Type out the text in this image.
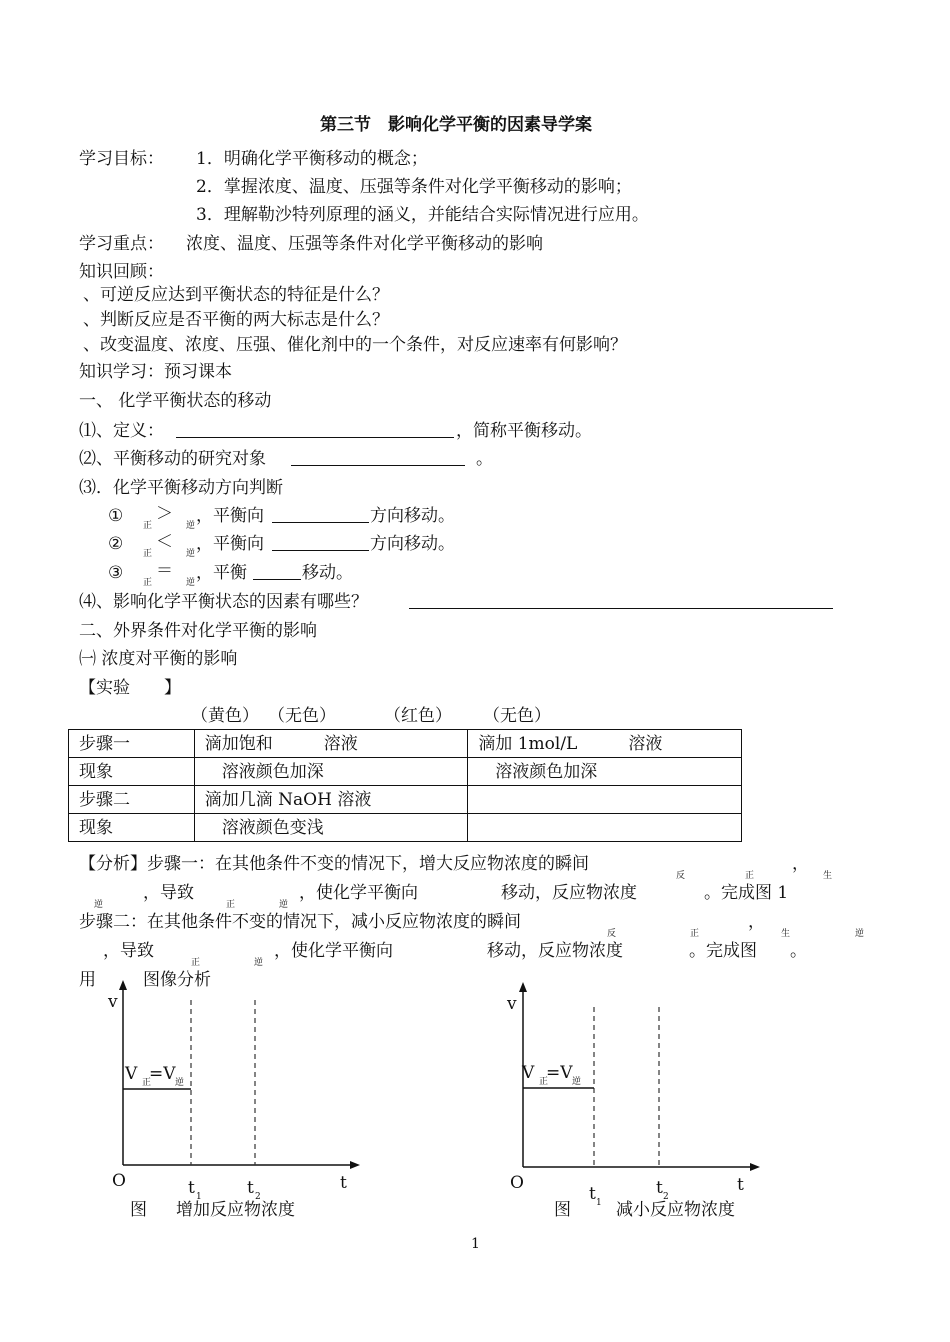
第三节　影响化学平衡的因素导学案
学习目标： 1．明确化学平衡移动的概念；
2．掌握浓度、温度、压强等条件对化学平衡移动的影响；
3．理解勒沙特列原理的涵义，并能结合实际情况进行应用。
学习重点： 浓度、温度、压强等条件对化学平衡移动的影响
知识回顾：
、可逆反应达到平衡状态的特征是什么？
、判断反应是否平衡的两大标志是什么？
、改变温度、浓度、压强、催化剂中的一个条件，对反应速率有何影响？
知识学习：预习课本
一、 化学平衡状态的移动
⑴、定义：	，简称平衡移动。
⑵、平衡移动的研究对象	。
⑶．化学平衡移动方向判断
① 正
＞
逆 ，平衡向	方向移动。
② 正
＜
逆 ，平衡向	方向移动。
③ 正
＝
逆 ，平衡	移动。
⑷、影响化学平衡状态的因素有哪些？
二、外界条件对化学平衡的影响
㈠ 浓度对平衡的影响
【实验　　】
（黄色） （无色）	（红色） （无色）
步骤一	滴加饱和　　　溶液	滴加 1mol/L　　　溶液
现象	　溶液颜色加深	　溶液颜色加深
步骤二	滴加几滴 NaOH 溶液	
现象	　溶液颜色变浅	
【分析】步骤一：在其他条件不变的情况下，增大反应物浓度的瞬间
反	正
，
生
逆
，导致
正	逆
，使化学平衡向	移动，反应物浓度	。完成图 1
步骤二：在其他条件不变的情况下，减小反应物浓度的瞬间	，
反	正	生	逆
，导致
正	逆
，使化学平衡向	移动，反应物浓度	。完成图 。
用	图像分析
v
V 正
=V 逆
O	t 1	t 2
t
图 增加反应物浓度
v
V 正
=V 逆
O
t 1
t 2
t
图	减小反应物浓度
1
